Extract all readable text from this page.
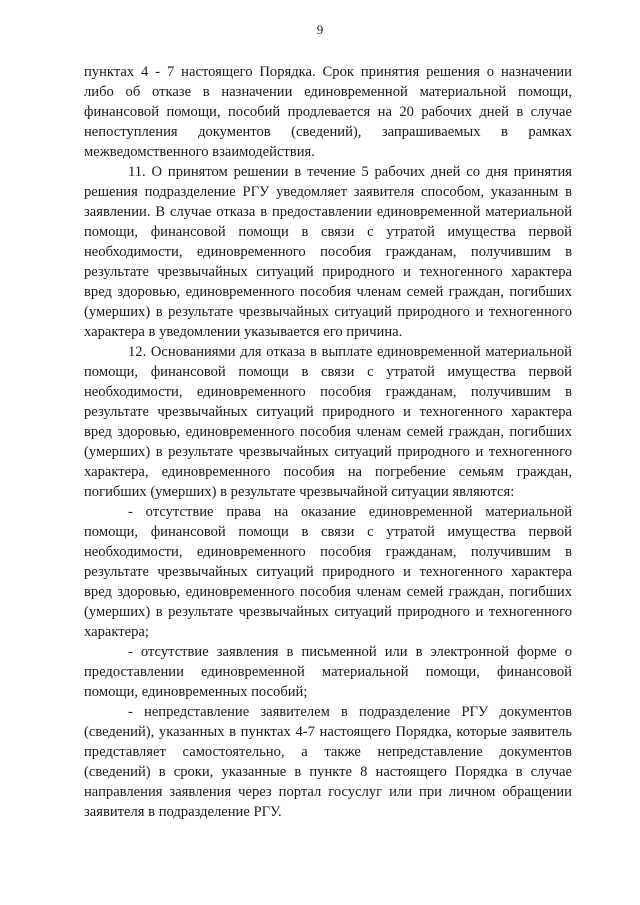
9

пунктах 4 - 7 настоящего Порядка. Срок принятия решения о назначении либо об отказе в назначении единовременной материальной помощи, финансовой помощи, пособий продлевается на 20 рабочих дней в случае непоступления документов (сведений), запрашиваемых в рамках межведомственного взаимодействия.

11. О принятом решении в течение 5 рабочих дней со дня принятия решения подразделение РГУ уведомляет заявителя способом, указанным в заявлении. В случае отказа в предоставлении единовременной материальной помощи, финансовой помощи в связи с утратой имущества первой необходимости, единовременного пособия гражданам, получившим в результате чрезвычайных ситуаций природного и техногенного характера вред здоровью, единовременного пособия членам семей граждан, погибших (умерших) в результате чрезвычайных ситуаций природного и техногенного характера в уведомлении указывается его причина.

12. Основаниями для отказа в выплате единовременной материальной помощи, финансовой помощи в связи с утратой имущества первой необходимости, единовременного пособия гражданам, получившим в результате чрезвычайных ситуаций природного и техногенного характера вред здоровью, единовременного пособия членам семей граждан, погибших (умерших) в результате чрезвычайных ситуаций природного и техногенного характера, единовременного пособия на погребение семьям граждан, погибших (умерших) в результате чрезвычайной ситуации являются:

- отсутствие права на оказание единовременной материальной помощи, финансовой помощи в связи с утратой имущества первой необходимости, единовременного пособия гражданам, получившим в результате чрезвычайных ситуаций природного и техногенного характера вред здоровью, единовременного пособия членам семей граждан, погибших (умерших) в результате чрезвычайных ситуаций природного и техногенного характера;

- отсутствие заявления в письменной или в электронной форме о предоставлении единовременной материальной помощи, финансовой помощи, единовременных пособий;

- непредставление заявителем в подразделение РГУ документов (сведений), указанных в пунктах 4-7 настоящего Порядка, которые заявитель представляет самостоятельно, а также непредставление документов (сведений) в сроки, указанные в пункте 8 настоящего Порядка в случае направления заявления через портал госуслуг или при личном обращении заявителя в подразделение РГУ.
